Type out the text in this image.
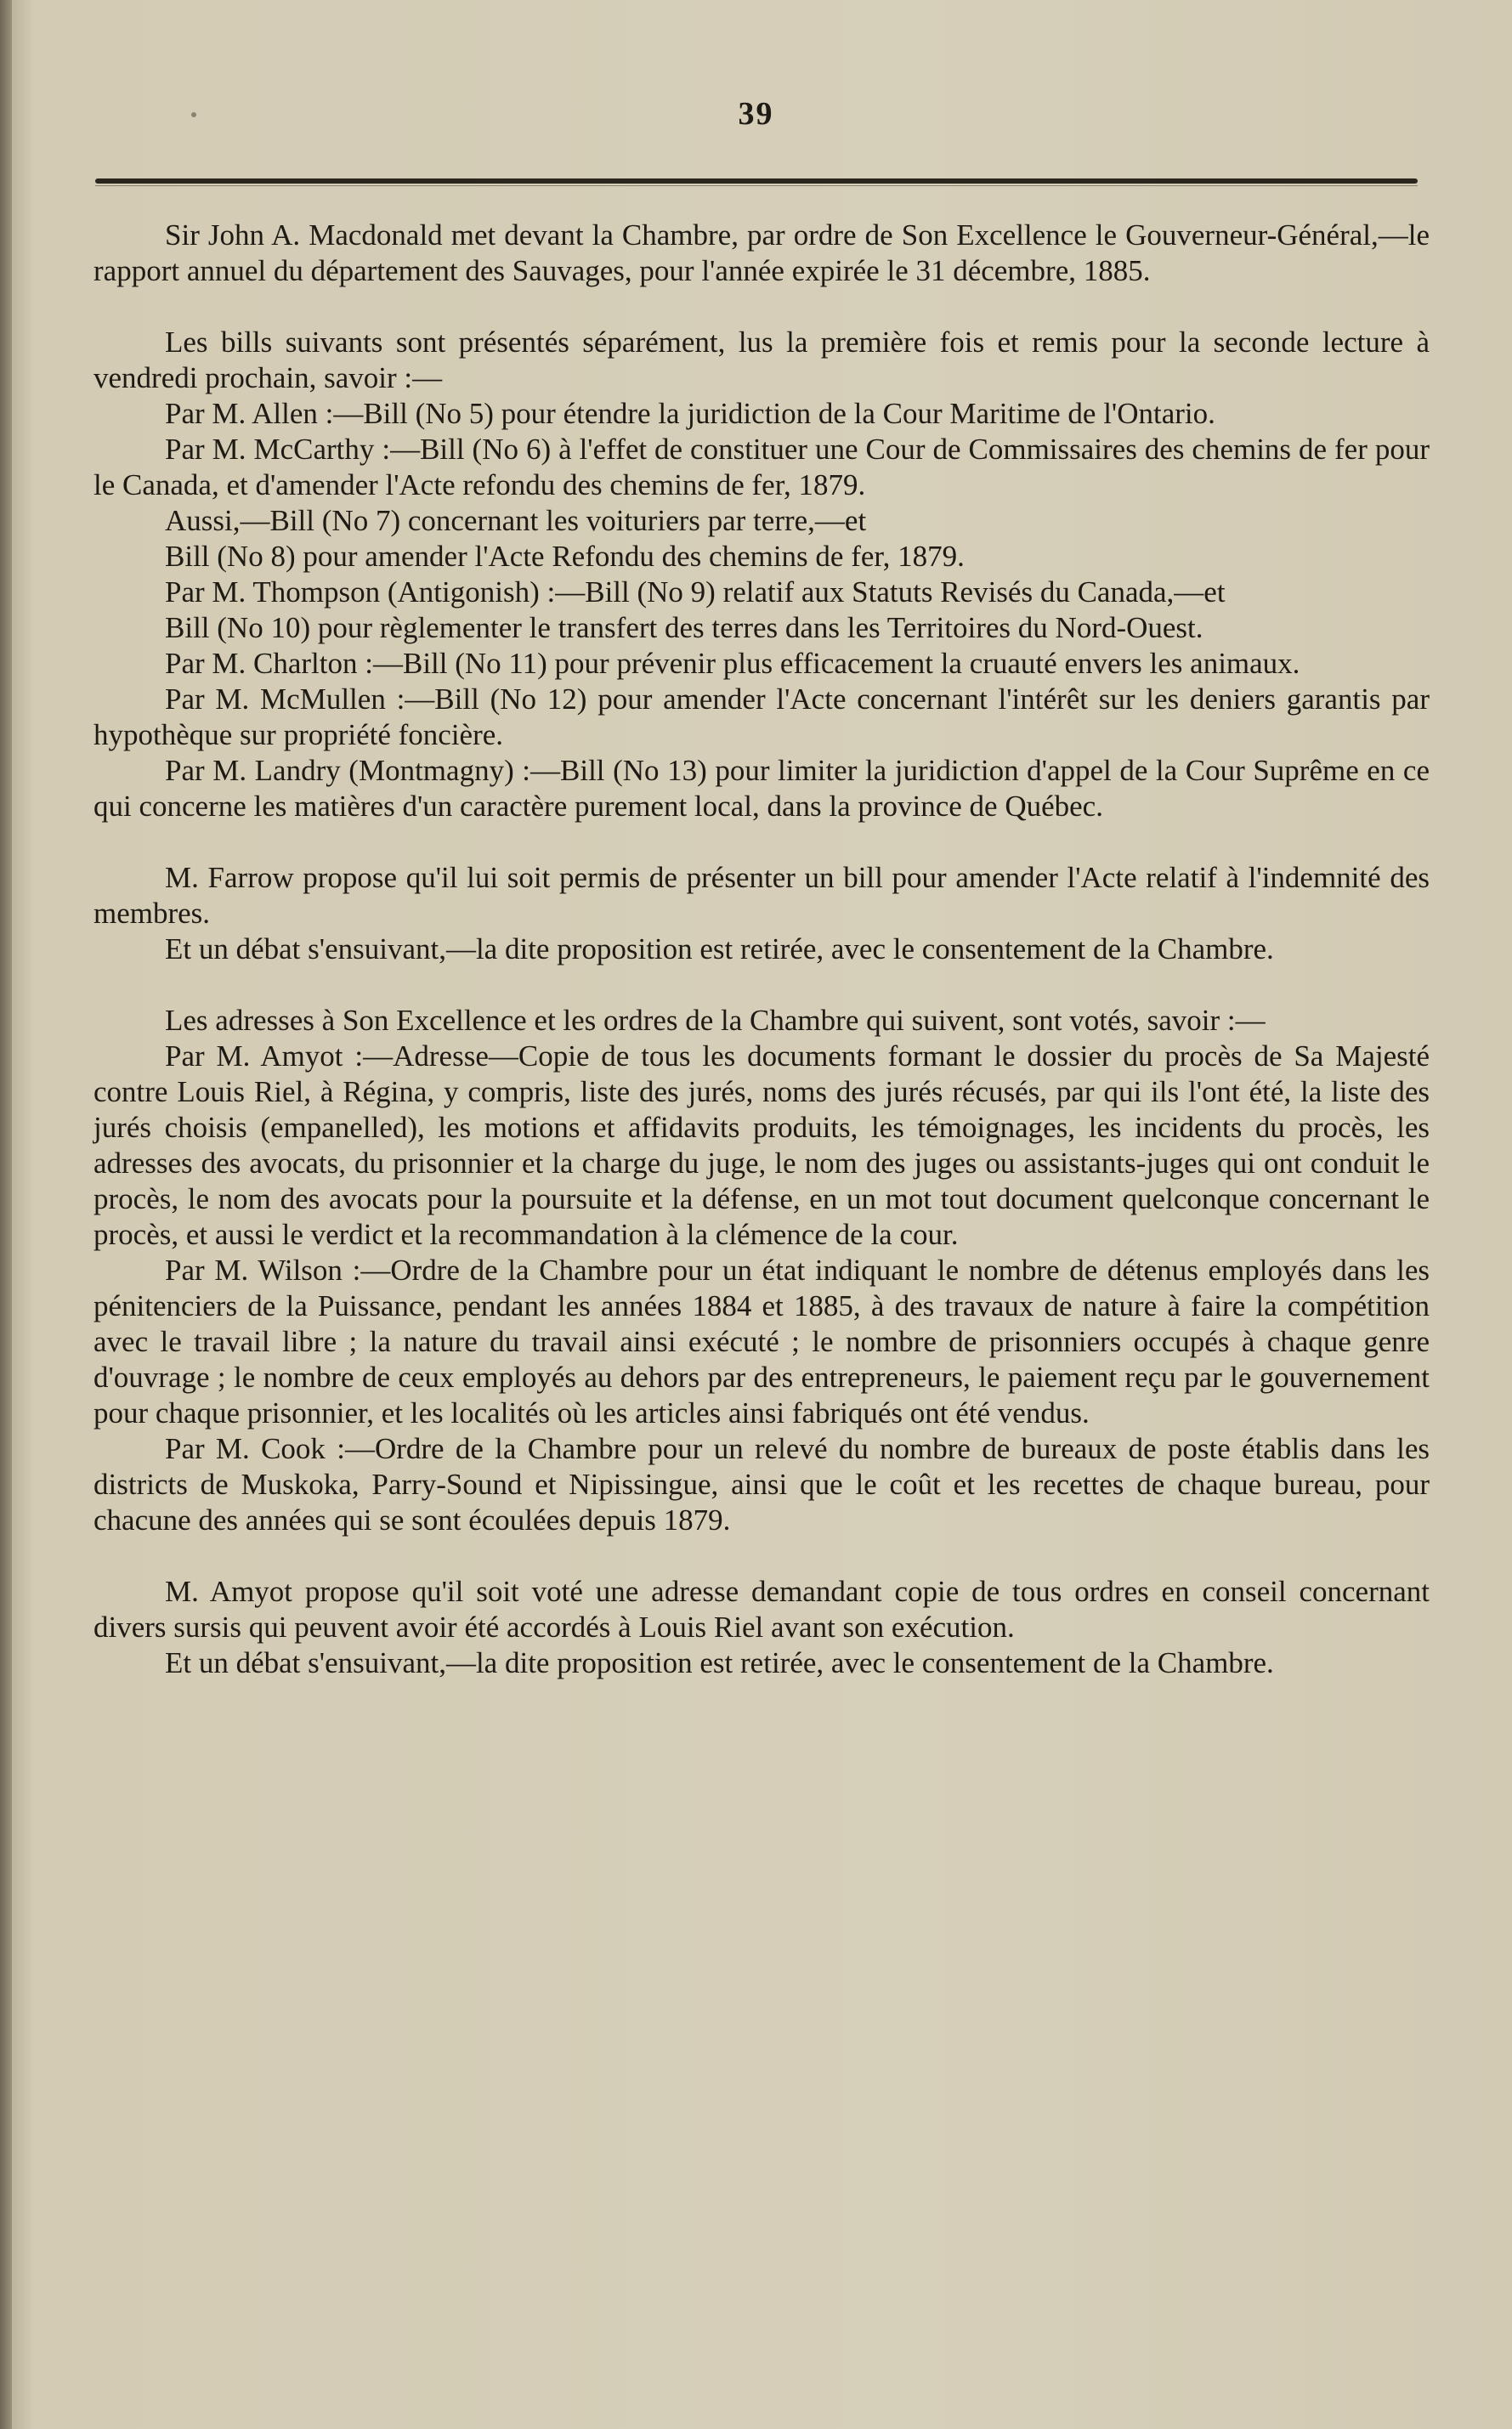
39

Sir John A. Macdonald met devant la Chambre, par ordre de Son Excellence le Gouverneur-Général,—le rapport annuel du département des Sauvages, pour l'année expirée le 31 décembre, 1885.

Les bills suivants sont présentés séparément, lus la première fois et remis pour la seconde lecture à vendredi prochain, savoir :—

Par M. Allen :—Bill (No 5) pour étendre la juridiction de la Cour Maritime de l'Ontario.

Par M. McCarthy :—Bill (No 6) à l'effet de constituer une Cour de Commissaires des chemins de fer pour le Canada, et d'amender l'Acte refondu des chemins de fer, 1879.

Aussi,—Bill (No 7) concernant les voituriers par terre,—et

Bill (No 8) pour amender l'Acte Refondu des chemins de fer, 1879.

Par M. Thompson (Antigonish) :—Bill (No 9) relatif aux Statuts Revisés du Canada,—et

Bill (No 10) pour règlementer le transfert des terres dans les Territoires du Nord-Ouest.

Par M. Charlton :—Bill (No 11) pour prévenir plus efficacement la cruauté envers les animaux.

Par M. McMullen :—Bill (No 12) pour amender l'Acte concernant l'intérêt sur les deniers garantis par hypothèque sur propriété foncière.

Par M. Landry (Montmagny) :—Bill (No 13) pour limiter la juridiction d'appel de la Cour Suprême en ce qui concerne les matières d'un caractère purement local, dans la province de Québec.

M. Farrow propose qu'il lui soit permis de présenter un bill pour amender l'Acte relatif à l'indemnité des membres.

Et un débat s'ensuivant,—la dite proposition est retirée, avec le consentement de la Chambre.

Les adresses à Son Excellence et les ordres de la Chambre qui suivent, sont votés, savoir :—

Par M. Amyot :—Adresse—Copie de tous les documents formant le dossier du procès de Sa Majesté contre Louis Riel, à Régina, y compris, liste des jurés, noms des jurés récusés, par qui ils l'ont été, la liste des jurés choisis (empanelled), les motions et affidavits produits, les témoignages, les incidents du procès, les adresses des avocats, du prisonnier et la charge du juge, le nom des juges ou assistants-juges qui ont conduit le procès, le nom des avocats pour la poursuite et la défense, en un mot tout document quelconque concernant le procès, et aussi le verdict et la recommandation à la clémence de la cour.

Par M. Wilson :—Ordre de la Chambre pour un état indiquant le nombre de détenus employés dans les pénitenciers de la Puissance, pendant les années 1884 et 1885, à des travaux de nature à faire la compétition avec le travail libre ; la nature du travail ainsi exécuté ; le nombre de prisonniers occupés à chaque genre d'ouvrage ; le nombre de ceux employés au dehors par des entrepreneurs, le paiement reçu par le gouvernement pour chaque prisonnier, et les localités où les articles ainsi fabriqués ont été vendus.

Par M. Cook :—Ordre de la Chambre pour un relevé du nombre de bureaux de poste établis dans les districts de Muskoka, Parry-Sound et Nipissingue, ainsi que le coût et les recettes de chaque bureau, pour chacune des années qui se sont écoulées depuis 1879.

M. Amyot propose qu'il soit voté une adresse demandant copie de tous ordres en conseil concernant divers sursis qui peuvent avoir été accordés à Louis Riel avant son exécution.

Et un débat s'ensuivant,—la dite proposition est retirée, avec le consentement de la Chambre.
